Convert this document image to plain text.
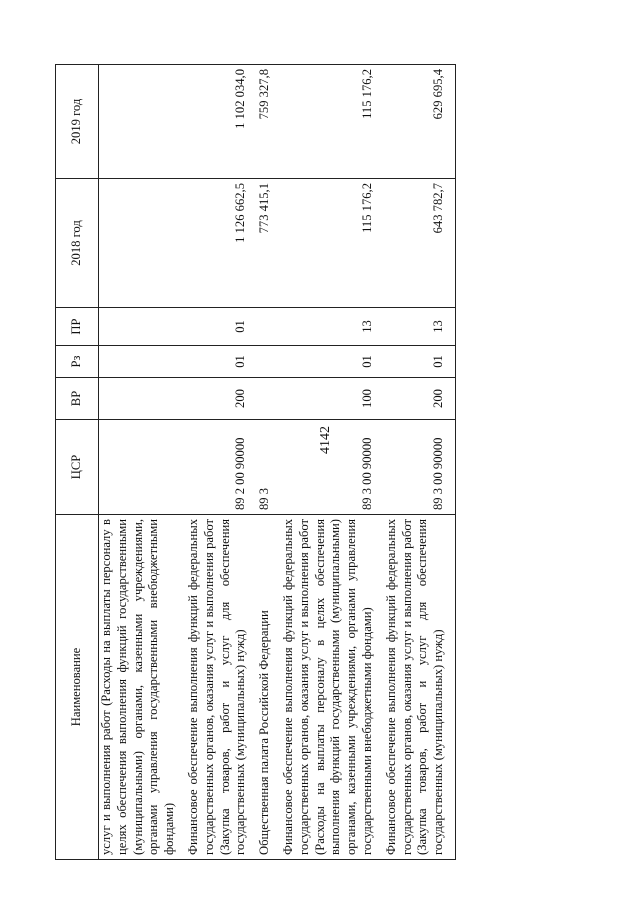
4142
Наименование	ЦСР	ВР	Рз	ПР	2018 год	2019 год
услуг и выполнения работ (Расходы на выплаты персоналу в целях обеспечения выполнения функций государственными (муниципальными) органами, казенными учреждениями, органами управления государственными внебюджетными фондами)						
Финансовое обеспечение выполнения функций федеральных государственных органов, оказания услуг и выполнения работ (Закупка товаров, работ и услуг для обеспечения государственных (муниципальных) нужд)	89 2 00 90000	200	01	01	1 126 662,5	1 102 034,0
Общественная палата Российской Федерации	89 3				773 415,1	759 327,8
Финансовое обеспечение выполнения функций федеральных государственных органов, оказания услуг и выполнения работ (Расходы на выплаты персоналу в целях обеспечения выполнения функций государственными (муниципальными) органами, казенными учреждениями, органами управления государственными внебюджетными фондами)	89 3 00 90000	100	01	13	115 176,2	115 176,2
Финансовое обеспечение выполнения функций федеральных государственных органов, оказания услуг и выполнения работ (Закупка товаров, работ и услуг для обеспечения государственных (муниципальных) нужд)	89 3 00 90000	200	01	13	643 782,7	629 695,4
